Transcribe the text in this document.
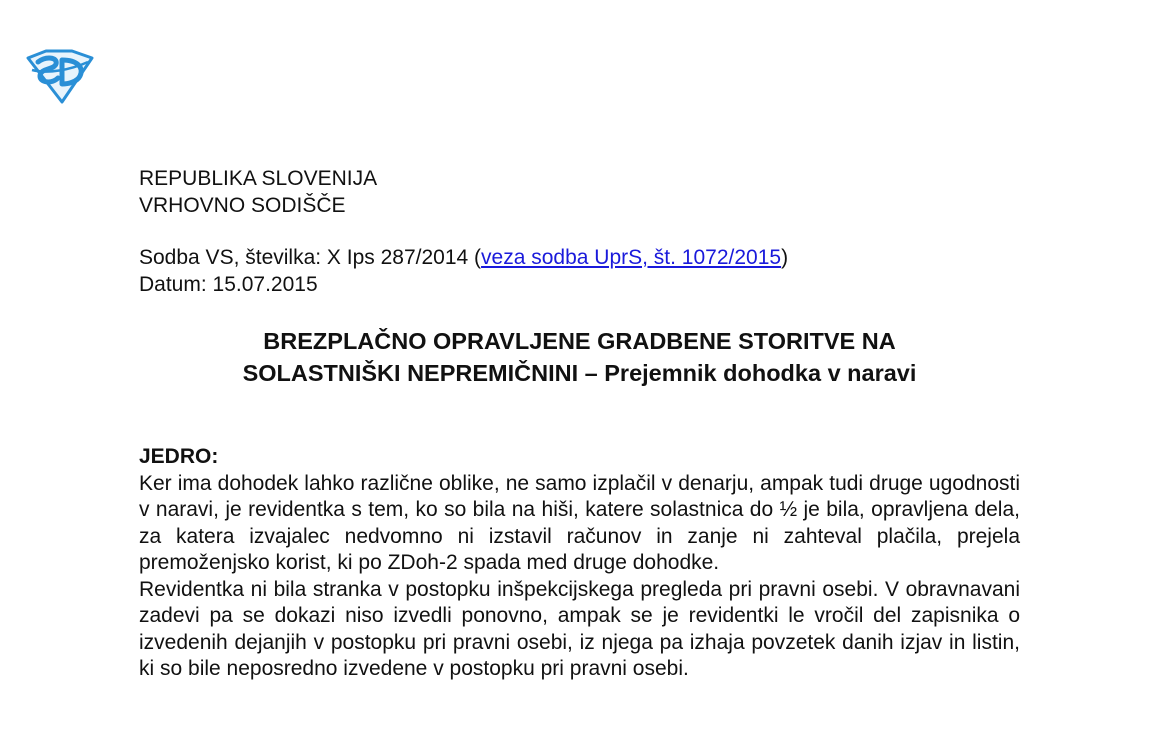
REPUBLIKA SLOVENIJA
VRHOVNO SODIŠČE
Sodba VS, številka: X Ips 287/2014 (veza sodba UprS, št. 1072/2015)
Datum: 15.07.2015
BREZPLAČNO OPRAVLJENE GRADBENE STORITVE NA
SOLASTNIŠKI NEPREMIČNINI – Prejemnik dohodka v naravi
JEDRO:
Ker ima dohodek lahko različne oblike, ne samo izplačil v denarju, ampak tudi druge ugodnosti v naravi, je revidentka s tem, ko so bila na hiši, katere solastnica do ½ je bila, opravljena dela, za katera izvajalec nedvomno ni izstavil računov in zanje ni zahteval plačila, prejela premoženjsko korist, ki po ZDoh-2 spada med druge dohodke.
Revidentka ni bila stranka v postopku inšpekcijskega pregleda pri pravni osebi. V obravnavani zadevi pa se dokazi niso izvedli ponovno, ampak se je revidentki le vročil del zapisnika o izvedenih dejanjih v postopku pri pravni osebi, iz njega pa izhaja povzetek danih izjav in listin, ki so bile neposredno izvedene v postopku pri pravni osebi.
